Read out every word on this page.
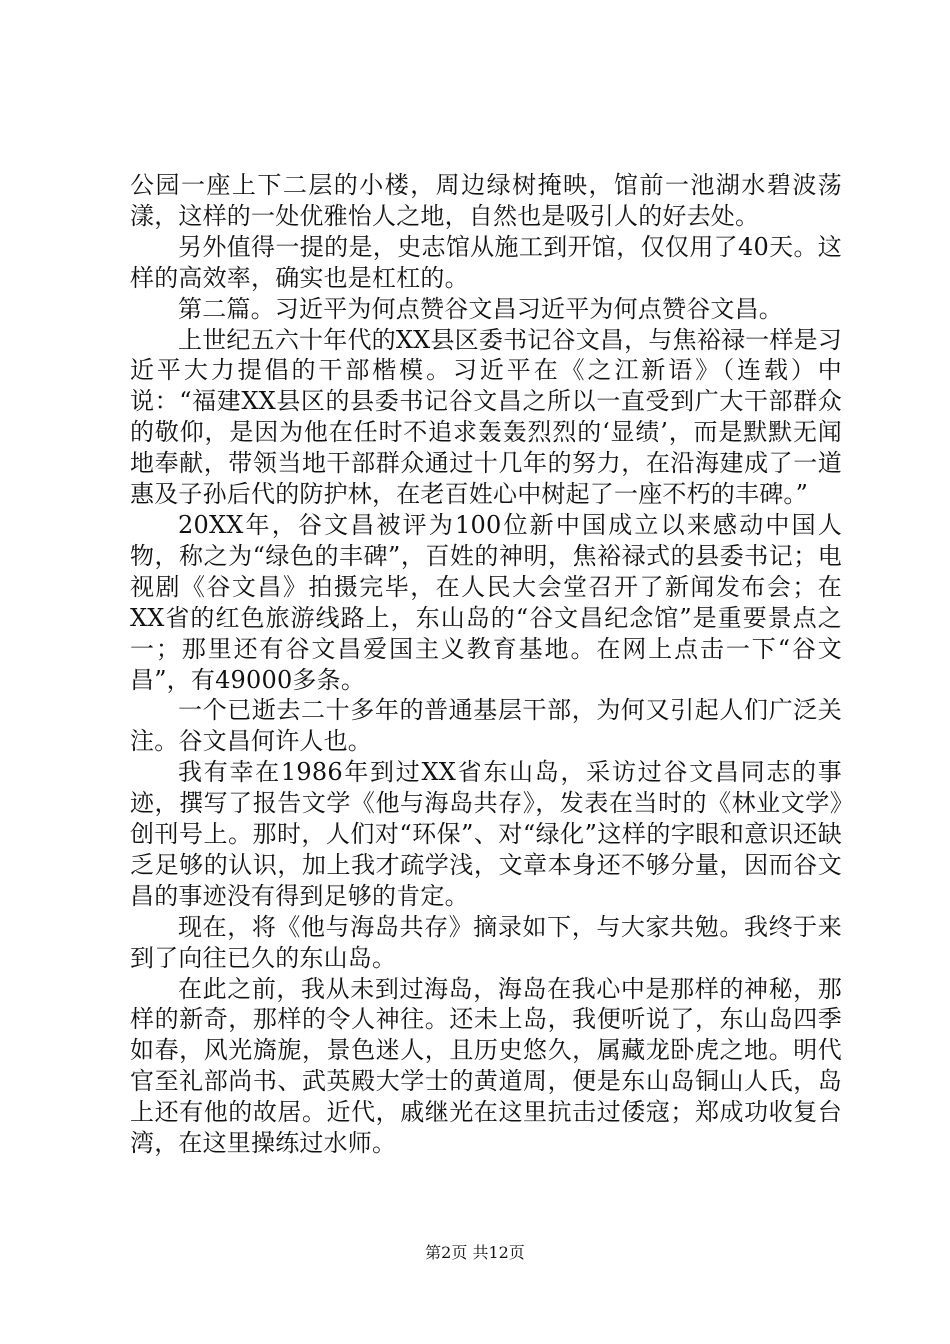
公园一座上下二层的小楼，周边绿树掩映，馆前一池湖水碧波荡漾，这样的一处优雅怡人之地，自然也是吸引人的好去处。

另外值得一提的是，史志馆从施工到开馆，仅仅用了40天。这样的高效率，确实也是杠杠的。

第二篇。习近平为何点赞谷文昌习近平为何点赞谷文昌。

上世纪五六十年代的XX县区委书记谷文昌，与焦裕禄一样是习近平大力提倡的干部楷模。习近平在《之江新语》（连载）中说：“福建XX县区的县委书记谷文昌之所以一直受到广大干部群众的敬仰，是因为他在任时不追求轰轰烈烈的‘显绩’，而是默默无闻地奉献，带领当地干部群众通过十几年的努力，在沿海建成了一道惠及子孙后代的防护林，在老百姓心中树起了一座不朽的丰碑。”

20XX年，谷文昌被评为100位新中国成立以来感动中国人物，称之为“绿色的丰碑”，百姓的神明，焦裕禄式的县委书记；电视剧《谷文昌》拍摄完毕，在人民大会堂召开了新闻发布会；在XX省的红色旅游线路上，东山岛的“谷文昌纪念馆”是重要景点之一；那里还有谷文昌爱国主义教育基地。在网上点击一下“谷文昌”，有49000多条。

一个已逝去二十多年的普通基层干部，为何又引起人们广泛关注。谷文昌何许人也。

我有幸在1986年到过XX省东山岛，采访过谷文昌同志的事迹，撰写了报告文学《他与海岛共存》，发表在当时的《林业文学》创刊号上。那时，人们对“环保”、对“绿化”这样的字眼和意识还缺乏足够的认识，加上我才疏学浅，文章本身还不够分量，因而谷文昌的事迹没有得到足够的肯定。

现在，将《他与海岛共存》摘录如下，与大家共勉。我终于来到了向往已久的东山岛。

在此之前，我从未到过海岛，海岛在我心中是那样的神秘，那样的新奇，那样的令人神往。还未上岛，我便听说了，东山岛四季如春，风光旖旎，景色迷人，且历史悠久，属藏龙卧虎之地。明代官至礼部尚书、武英殿大学士的黄道周，便是东山岛铜山人氏，岛上还有他的故居。近代，戚继光在这里抗击过倭寇；郑成功收复台湾，在这里操练过水师。

第2页 共12页
